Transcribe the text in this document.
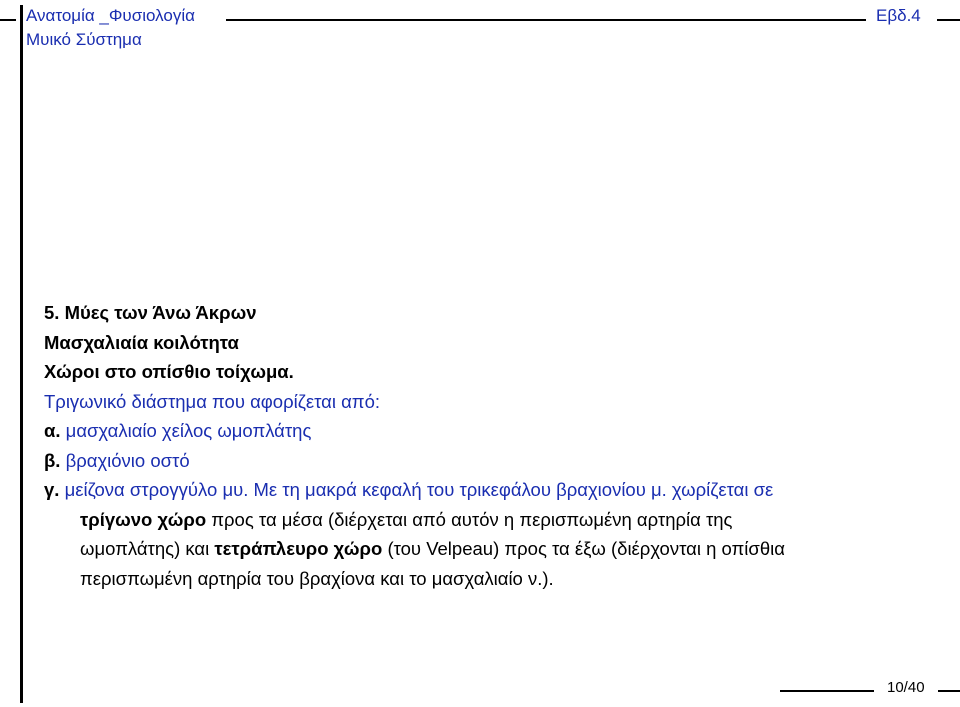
Ανατομία _Φυσιολογία
Μυικό Σύστημα
Εβδ.4
5. Μύες των Άνω Άκρων
Μασχαλιαία κοιλότητα
Χώροι στο οπίσθιο τοίχωμα.
Τριγωνικό διάστημα που αφορίζεται από:
α. μασχαλιαίο χείλος ωμοπλάτης
β. βραχιόνιο οστό
γ. μείζονα στρογγύλο μυ. Με τη μακρά κεφαλή του τρικεφάλου βραχιονίου μ. χωρίζεται σε
τρίγωνο χώρο προς τα μέσα (διέρχεται από αυτόν η περισπωμένη αρτηρία της
ωμοπλάτης) και τετράπλευρο χώρο (του Velpeau) προς τα έξω (διέρχονται η οπίσθια
περισπωμένη αρτηρία του βραχίονα και το μασχαλιαίο ν.).
10/40
